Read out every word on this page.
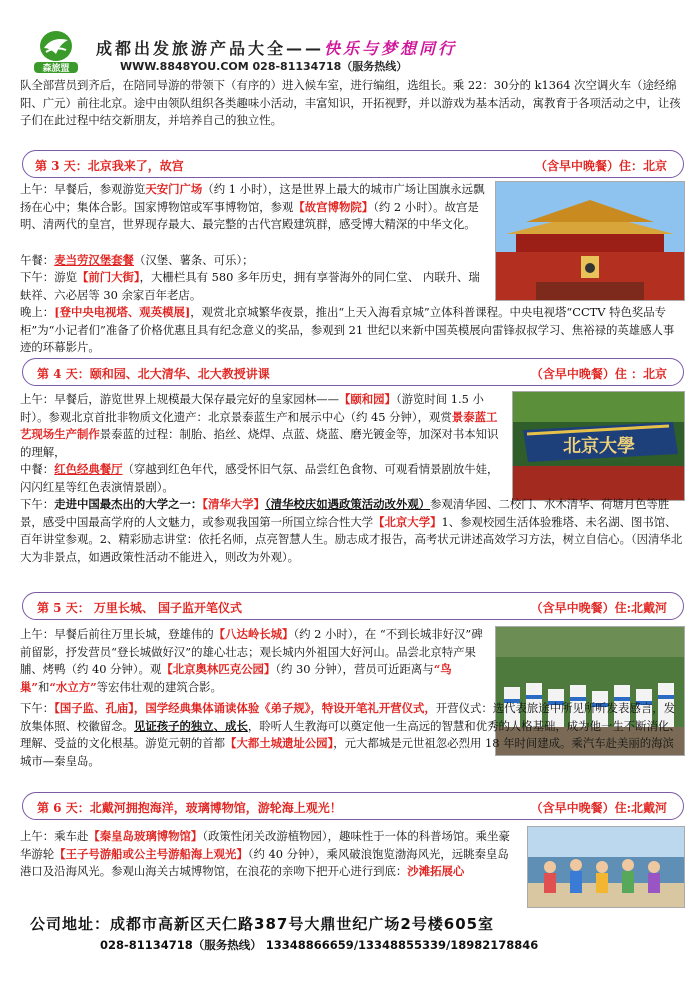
森旅盟
成都出发旅游产品大全——快乐与梦想同行
WWW.8848YOU.COM 028-81134718（服务热线）
队全部营员到齐后，在陪同导游的带领下（有序的）进入候车室，进行编组，选组长。乘 22：30分的 k1364 次空调火车（途经绵阳、广元）前往北京。途中由领队组织各类趣味小活动，丰富知识，开拓视野，并以游戏为基本活动，寓教育于各项活动之中，让孩子们在此过程中结交新朋友，并培养自己的独立性。
第 3 天：北京我来了，故宫	（含早中晚餐）住：北京
上午：早餐后，参观游览天安门广场（约 1 小时），这是世界上最大的城市广场让国旗永远飘扬在心中；集体合影。国家博物馆或军事博物馆，参观【故宫博物院】（约 2 小时）。故宫是明、清两代的皇宫，世界现存最大、最完整的古代宫殿建筑群，感受博大精深的中华文化。
午餐：麦当劳汉堡套餐（汉堡、薯条、可乐）；
下午：游览【前门大街】，大栅栏具有 580 多年历史，拥有享誉海外的同仁堂、 内联升、瑞蚨祥、六必居等 30 余家百年老店。
晚上：[登中央电视塔、观英模展]，观赏北京城繁华夜景，推出“上天入海看京城”立体科普课程。中央电视塔“CCTV 特色奖品专柜”为“小记者们”准备了价格优惠且具有纪念意义的奖品，参观到 21 世纪以来新中国英模展向雷锋叔叔学习、焦裕禄的英雄感人事迹的环幕影片。
第 4 天：颐和园、北大清华、北大教授讲课	（含早中晚餐）住 ：北京
上午：早餐后，游览世界上规模最大保存最完好的皇家园林——【颐和园】（游览时间 1.5 小时）。参观北京首批非物质文化遗产：北京景泰蓝生产和展示中心（约 45 分钟），观赏景泰蓝工艺现场生产制作景泰蓝的过程：制胎、掐丝、烧焊、点蓝、烧蓝、磨光镀金等，加深对书本知识的理解，	北京大學
中餐：红色经典餐厅（穿越到红色年代，感受怀旧气氛、品尝红色食物、可观看情景剧放牛娃，闪闪红星等红色表演情景剧）。
下午：走进中国最杰出的大学之一：【清华大学】（清华校庆如遇政策活动改外观）参观清华园、二校门、水木清华、荷塘月色等胜景，感受中国最高学府的人文魅力，或参观我国第一所国立综合性大学【北京大学】1、参观校园生活体验雅塔、未名湖、图书馆、百年讲堂参观。2、精彩励志讲堂：依托名师，点亮智慧人生。励志成才报告，高考状元讲述高效学习方法，树立自信心。（因清华北大为非景点，如遇政策性活动不能进入，则改为外观）。
第 5 天： 万里长城、 国子监开笔仪式	（含早中晚餐）住:北戴河
上午：早餐后前往万里长城，登雄伟的【八达岭长城】（约 2 小时），在 “不到长城非好汉”碑前留影，抒发营员“登长城做好汉”的雄心壮志；观长城内外祖国大好河山。品尝北京特产果脯、烤鸭（约 40 分钟）。观【北京奥林匹克公园】（约 30 分钟），营员可近距离与“鸟巢”和“水立方”等宏伟壮观的建筑合影。
下午：【国子监、孔庙】，国学经典集体诵读体验《弟子规》，特设开笔礼开营仪式，开营仪式：选代表旅途中所见所听发表感言，发放集体照、校徽留念。见证孩子的独立、成长，聆听人生教海可以奠定他一生高远的智慧和优秀的人格基础，成为他一生不断消化、理解、受益的文化根基。游览元朝的首都【大都土城遗址公园】，元大都城是元世祖忽必烈用 18 年时间建成。乘汽车赴美丽的海滨城市—秦皇岛。
第 6 天：北戴河拥抱海洋，玻璃博物馆，游轮海上观光！	（含早中晚餐）住:北戴河
上午：乘车赴【秦皇岛玻璃博物馆】（政策性闭关改游植物园），趣味性于一体的科普场馆。乘坐豪华游轮【王子号游船或公主号游船海上观光】（约 40 分钟），乘风破浪饱览渤海风光，远眺秦皇岛港口及沿海风光。参观山海关古城博物馆，在浪花的亲吻下把开心进行到底：沙滩拓展心
公司地址：成都市高新区天仁路387号大鼎世纪广场2号楼605室
028-81134718（服务热线） 13348866659/13348855339/18982178846
